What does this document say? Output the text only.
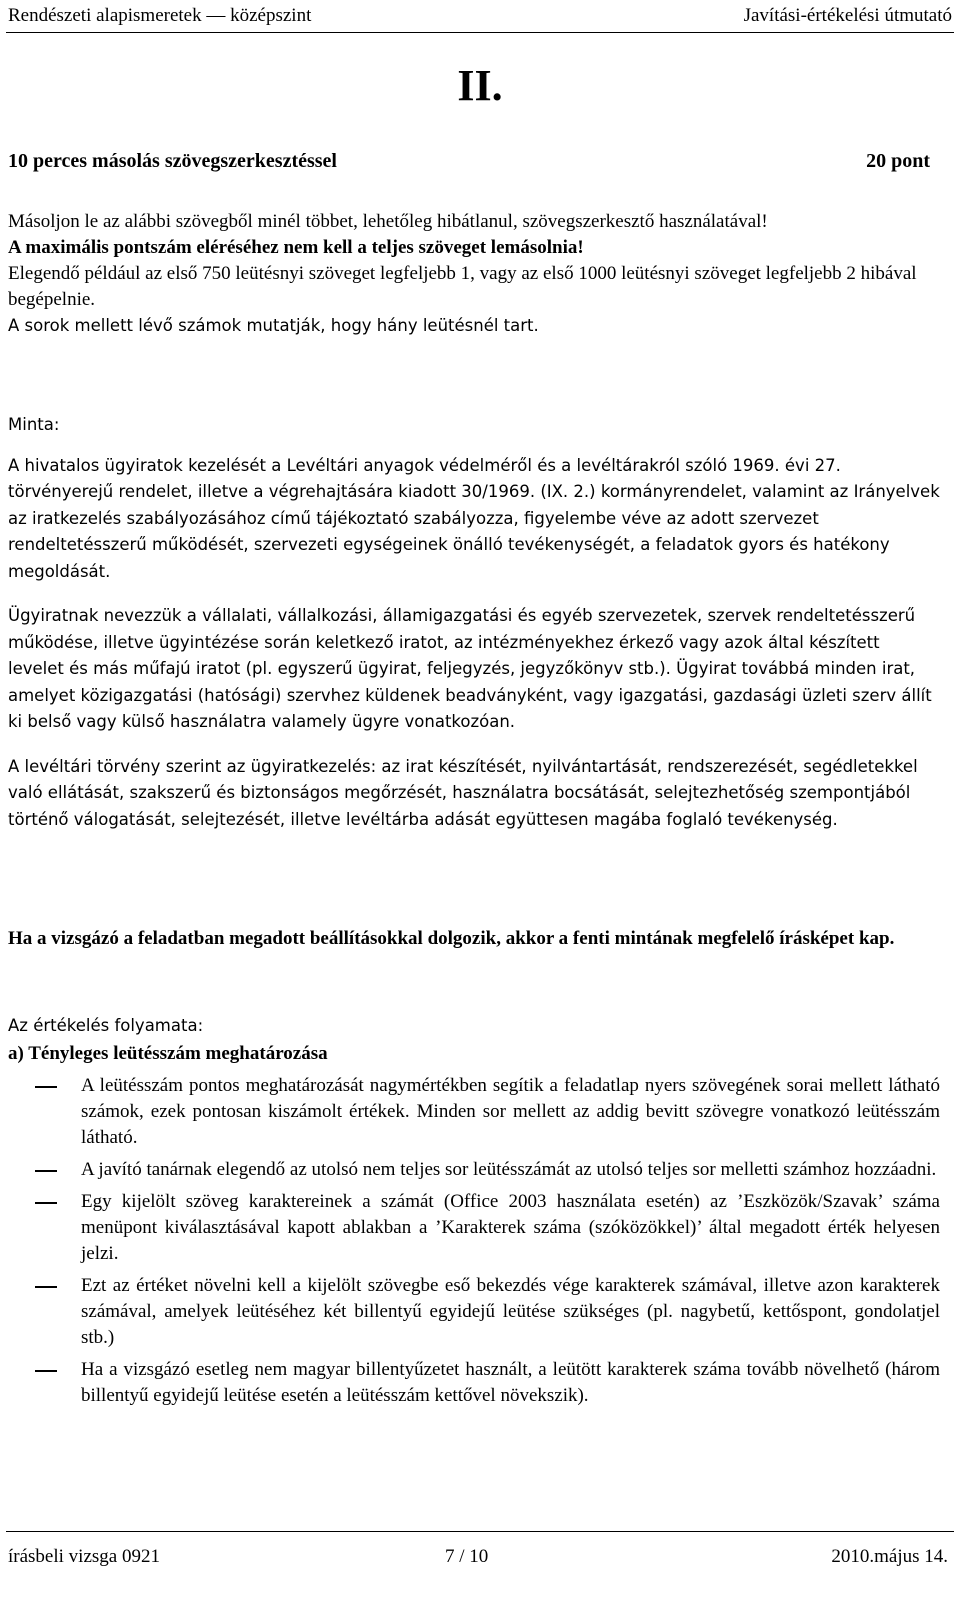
Rendészeti alapismeretek — középszint	Javítási-értékelési útmutató
II.
10 perces másolás szövegszerkesztéssel	20 pont

Másoljon le az alábbi szövegből minél többet, lehetőleg hibátlanul, szövegszerkesztő használatával!

A maximális pontszám eléréséhez nem kell a teljes szöveget lemásolnia!

Elegendő például az első 750 leütésnyi szöveget legfeljebb 1, vagy az első 1000 leütésnyi szöveget legfeljebb 2 hibával begépelnie.

A sorok mellett lévő számok mutatják, hogy hány leütésnél tart.

Minta:

A hivatalos ügyiratok kezelését a Levéltári anyagok védelméről és a levéltárakról szóló 1969. évi 27. törvényerejű rendelet, illetve a végrehajtására kiadott 30/1969. (IX. 2.) kormányrendelet, valamint az Irányelvek az iratkezelés szabályozásához című tájékoztató szabályozza, figyelembe véve az adott szervezet rendeltetésszerű működését, szervezeti egységeinek önálló tevékenységét, a feladatok gyors és hatékony megoldását.

Ügyiratnak nevezzük a vállalati, vállalkozási, államigazgatási és egyéb szervezetek, szervek rendeltetésszerű működése, illetve ügyintézése során keletkező iratot, az intézményekhez érkező vagy azok által készített levelet és más műfajú iratot (pl. egyszerű ügyirat, feljegyzés, jegyzőkönyv stb.). Ügyirat továbbá minden irat, amelyet közigazgatási (hatósági) szervhez küldenek beadványként, vagy igazgatási, gazdasági üzleti szerv állít ki belső vagy külső használatra valamely ügyre vonatkozóan.

A levéltári törvény szerint az ügyiratkezelés: az irat készítését, nyilvántartását, rendszerezését, segédletekkel való ellátását, szakszerű és biztonságos megőrzését, használatra bocsátását, selejtezhetőség szempontjából történő válogatását, selejtezését, illetve levéltárba adását együttesen magába foglaló tevékenység.

Ha a vizsgázó a feladatban megadott beállításokkal dolgozik, akkor a fenti mintának megfelelő írásképet kap.

Az értékelés folyamata:

a) Tényleges leütésszám meghatározása

A leütésszám pontos meghatározását nagymértékben segítik a feladatlap nyers szövegének sorai mellett látható számok, ezek pontosan kiszámolt értékek. Minden sor mellett az addig bevitt szövegre vonatkozó leütésszám látható.
A javító tanárnak elegendő az utolsó nem teljes sor leütésszámát az utolsó teljes sor melletti számhoz hozzáadni.
Egy kijelölt szöveg karaktereinek a számát (Office 2003 használata esetén) az ’Eszközök/Szavak’ száma menüpont kiválasztásával kapott ablakban a ’Karakterek száma (szóközökkel)’ által megadott érték helyesen jelzi.
Ezt az értéket növelni kell a kijelölt szövegbe eső bekezdés vége karakterek számával, illetve azon karakterek számával, amelyek leütéséhez két billentyű egyidejű leütése szükséges (pl. nagybetű, kettőspont, gondolatjel stb.)
Ha a vizsgázó esetleg nem magyar billentyűzetet használt, a leütött karakterek száma tovább növelhető (három billentyű egyidejű leütése esetén a leütésszám kettővel növekszik).
írásbeli vizsga 0921	7 / 10	2010.május 14.
